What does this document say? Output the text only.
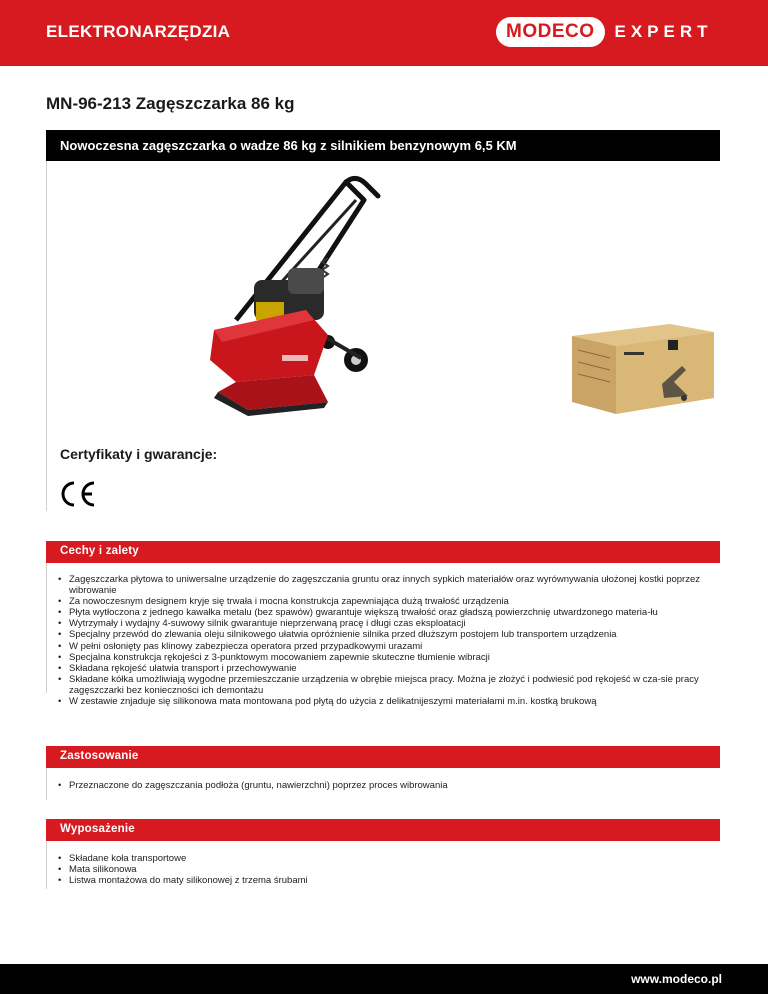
ELEKTRONARZĘDZIA	MODECO	EXPERT
MN-96-213 Zagęszczarka 86 kg
Nowoczesna zagęszczarka o wadze 86 kg z silnikiem benzynowym 6,5 KM
Certyfikaty i gwarancje:
Cechy i zalety
• Zagęszczarka płytowa to uniwersalne urządzenie do zagęszczania gruntu oraz innych sypkich materiałów oraz wyrównywania ułożonej kostki poprzez wibrowanie
• Za nowoczesnym designem kryje się trwała i mocna konstrukcja zapewniająca dużą trwałość urządzenia
• Płyta wytłoczona z jednego kawałka metalu (bez spawów) gwarantuje większą trwałość oraz gładszą powierzchnię utwardzonego materia-łu
• Wytrzymały i wydajny 4-suwowy silnik gwarantuje nieprzerwaną pracę i długi czas eksploatacji
• Specjalny przewód do zlewania oleju silnikowego ułatwia opróżnienie silnika przed dłuższym postojem lub transportem urządzenia
• W pełni osłonięty pas klinowy zabezpiecza operatora przed przypadkowymi urazami
• Specjalna konstrukcja rękojeści z 3-punktowym mocowaniem zapewnie skuteczne tłumienie wibracji
• Składana rękojeść ułatwia transport i przechowywanie
• Składane kółka umożliwiają wygodne przemieszczanie urządzenia w obrębie miejsca pracy. Można je złożyć i podwiesić pod rękojeść w cza-sie pracy zagęszczarki bez konieczności ich demontażu
• W zestawie znjaduje się silikonowa mata montowana pod płytą do użycia z delikatnijeszymi materiałami m.in. kostką brukową
Zastosowanie
• Przeznaczone do zagęszczania podłoża (gruntu, nawierzchni) poprzez proces wibrowania
Wyposażenie
• Składane koła transportowe
• Mata silikonowa
• Listwa montażowa do maty silikonowej z trzema śrubami
www.modeco.pl
